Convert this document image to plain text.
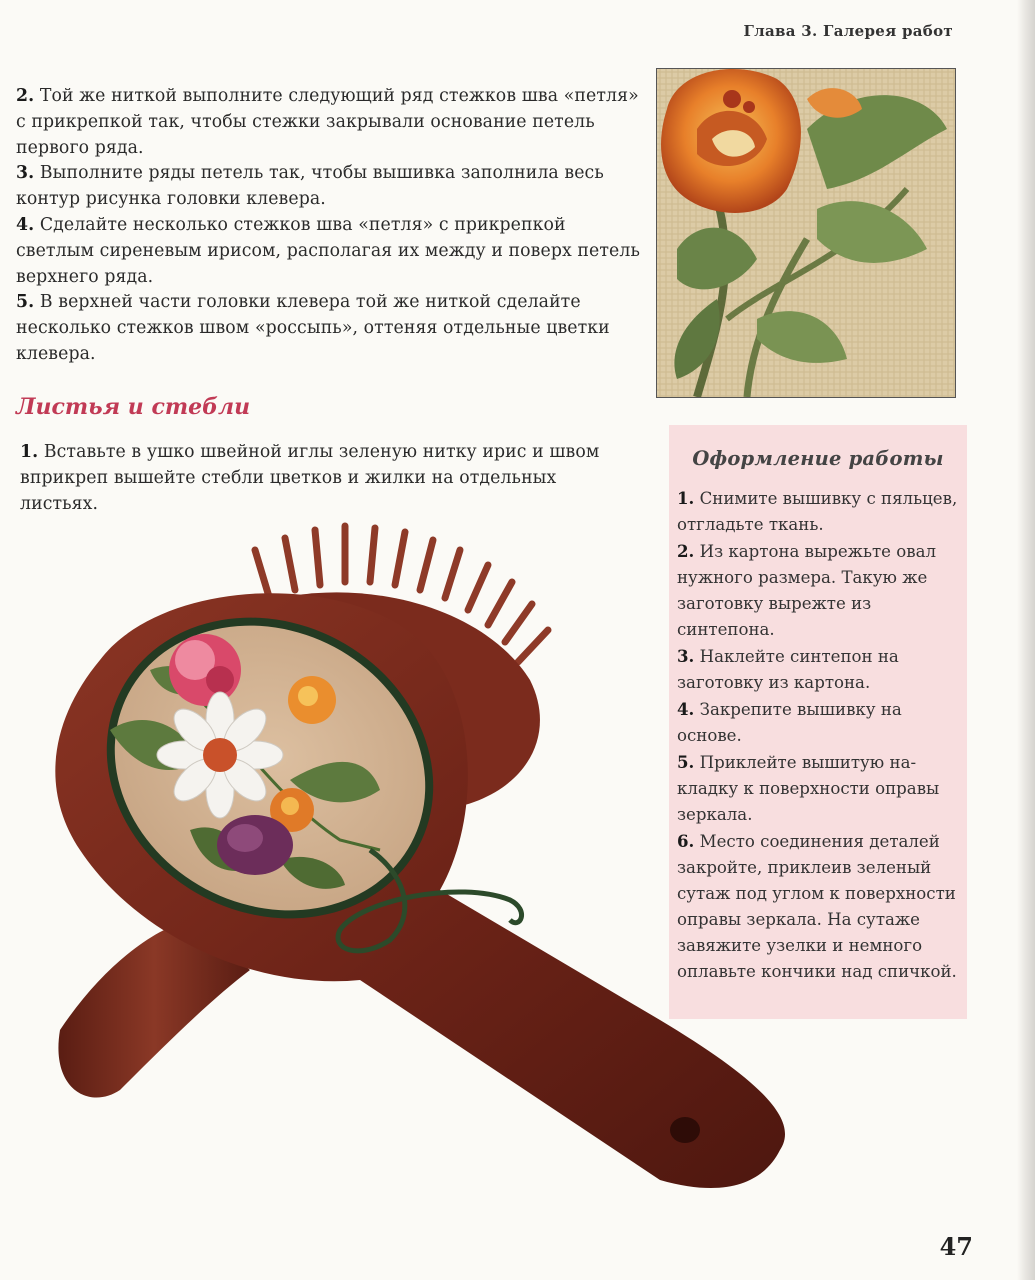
Глава 3. Галерея работ

2. Той же ниткой выполните следующий ряд стежков шва «петля» с прикрепкой так, чтобы стежки закрывали основание петель первого ряда.

3. Выполните ряды петель так, чтобы вышивка заполнила весь контур рисунка головки клевера.

4. Сделайте несколько стежков шва «петля» с прикрепкой светлым сиреневым ирисом, располагая их между и поверх петель верхнего ряда.

5. В верхней части головки клевера той же ниткой сделайте несколько стежков швом «россыпь», оттеняя отдельные цветки клевера.

Листья и стебли

1. Вставьте в ушко швейной иглы зеленую нитку ирис и швом вприкреп вышейте стебли цветков и жилки на отдельных листьях.

Оформление работы

1. Снимите вышивку с пяльцев, отгладьте ткань.

2. Из картона вырежьте овал нужного размера. Такую же заготовку вырежте из синтепона.

3. Наклейте синтепон на заготовку из картона.

4. Закрепите вышивку на основе.

5. Приклейте вышитую накладку к поверхности оправы зеркала.

6. Место соединения деталей закройте, приклеив зеленый сутаж под углом к поверхности оправы зеркала. На сутаже завяжите узелки и немного оплавьте кончики над спичкой.

47
